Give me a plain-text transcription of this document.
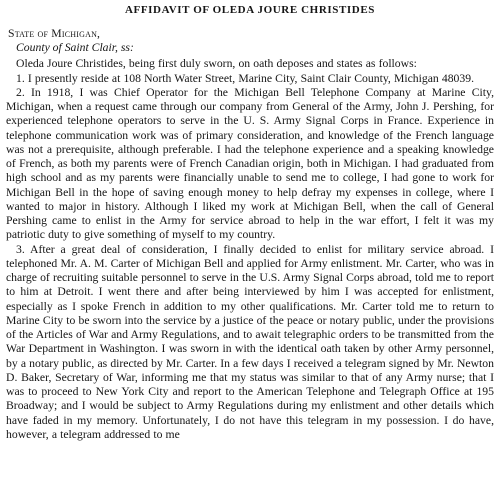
AFFIDAVIT OF OLEDA JOURE CHRISTIDES
State of Michigan,
County of Saint Clair, ss:

Oleda Joure Christides, being first duly sworn, on oath deposes and states as follows:

1. I presently reside at 108 North Water Street, Marine City, Saint Clair County, Michigan 48039.

2. In 1918, I was Chief Operator for the Michigan Bell Telephone Company at Marine City, Michigan, when a request came through our company from General of the Army, John J. Pershing, for experienced telephone operators to serve in the U. S. Army Signal Corps in France. Experience in telephone communication work was of primary consideration, and knowledge of the French language was not a prerequisite, although preferable. I had the telephone experience and a speaking knowledge of French, as both my parents were of French Canadian origin, both in Michigan. I had graduated from high school and as my parents were financially unable to send me to college, I had gone to work for Michigan Bell in the hope of saving enough money to help defray my expenses in college, where I wanted to major in history. Although I liked my work at Michigan Bell, when the call of General Pershing came to enlist in the Army for service abroad to help in the war effort, I felt it was my patriotic duty to give something of myself to my country.

3. After a great deal of consideration, I finally decided to enlist for military service abroad. I telephoned Mr. A. M. Carter of Michigan Bell and applied for Army enlistment. Mr. Carter, who was in charge of recruiting suitable personnel to serve in the U.S. Army Signal Corps abroad, told me to report to him at Detroit. I went there and after being interviewed by him I was accepted for enlistment, especially as I spoke French in addition to my other qualifications. Mr. Carter told me to return to Marine City to be sworn into the service by a justice of the peace or notary public, under the provisions of the Articles of War and Army Regulations, and to await telegraphic orders to be transmitted from the War Department in Washington. I was sworn in with the identical oath taken by other Army personnel, by a notary public, as directed by Mr. Carter. In a few days I received a telegram signed by Mr. Newton D. Baker, Secretary of War, informing me that my status was similar to that of any Army nurse; that I was to proceed to New York City and report to the American Telephone and Telegraph Office at 195 Broadway; and I would be subject to Army Regulations during my enlistment and other details which have faded in my memory. Unfortunately, I do not have this telegram in my possession. I do have, however, a telegram addressed to me
